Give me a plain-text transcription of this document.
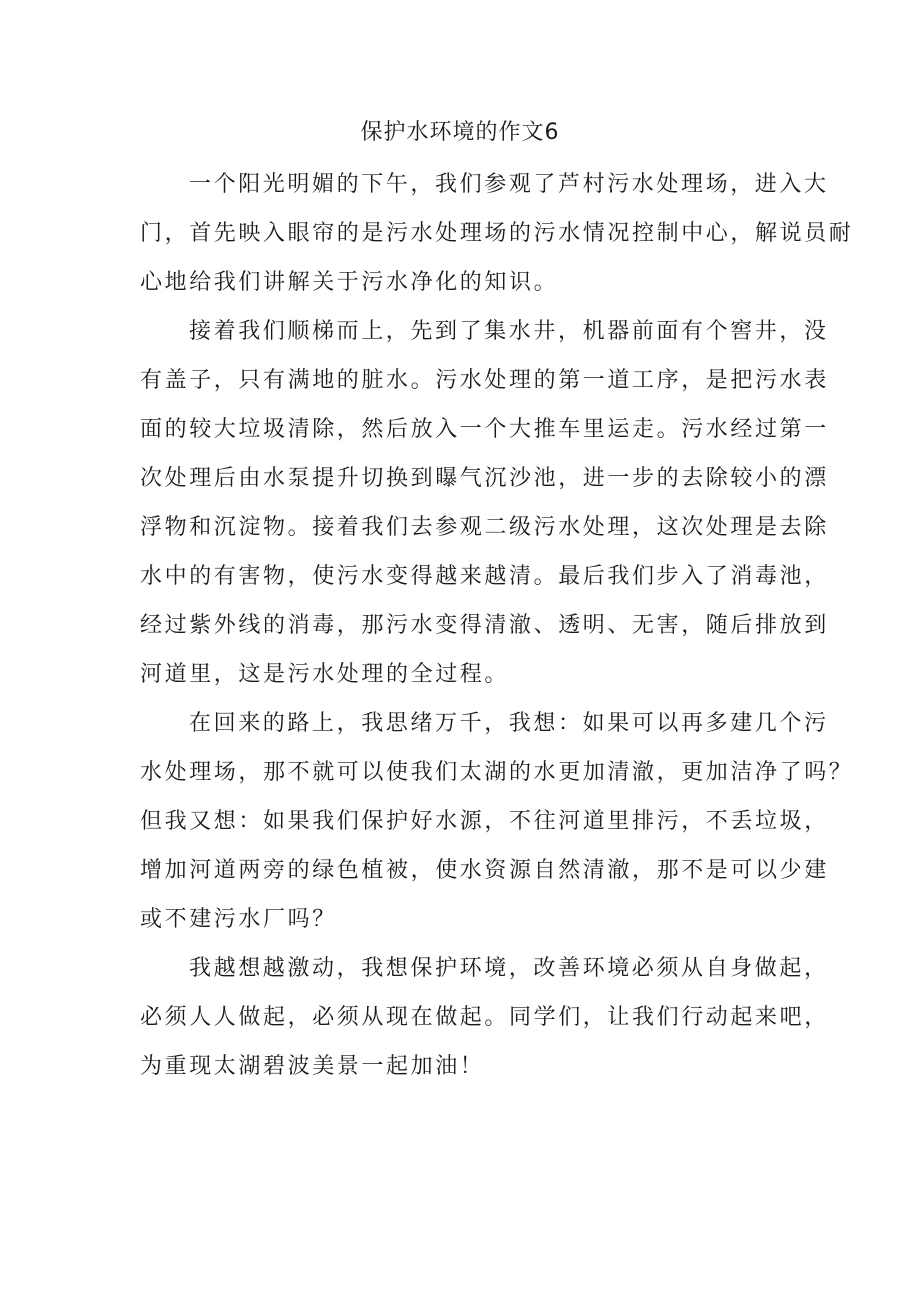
保护水环境的作文6

一个阳光明媚的下午，我们参观了芦村污水处理场，进入大
门，首先映入眼帘的是污水处理场的污水情况控制中心，解说员耐
心地给我们讲解关于污水净化的知识。

接着我们顺梯而上，先到了集水井，机器前面有个窖井，没
有盖子，只有满地的脏水。污水处理的第一道工序，是把污水表
面的较大垃圾清除，然后放入一个大推车里运走。污水经过第一
次处理后由水泵提升切换到曝气沉沙池，进一步的去除较小的漂
浮物和沉淀物。接着我们去参观二级污水处理，这次处理是去除
水中的有害物，使污水变得越来越清。最后我们步入了消毒池，
经过紫外线的消毒，那污水变得清澈、透明、无害，随后排放到
河道里，这是污水处理的全过程。

在回来的路上，我思绪万千，我想：如果可以再多建几个污
水处理场，那不就可以使我们太湖的水更加清澈，更加洁净了吗？
但我又想：如果我们保护好水源，不往河道里排污，不丢垃圾，
增加河道两旁的绿色植被，使水资源自然清澈，那不是可以少建
或不建污水厂吗？

我越想越激动，我想保护环境，改善环境必须从自身做起，
必须人人做起，必须从现在做起。同学们，让我们行动起来吧，
为重现太湖碧波美景一起加油！
